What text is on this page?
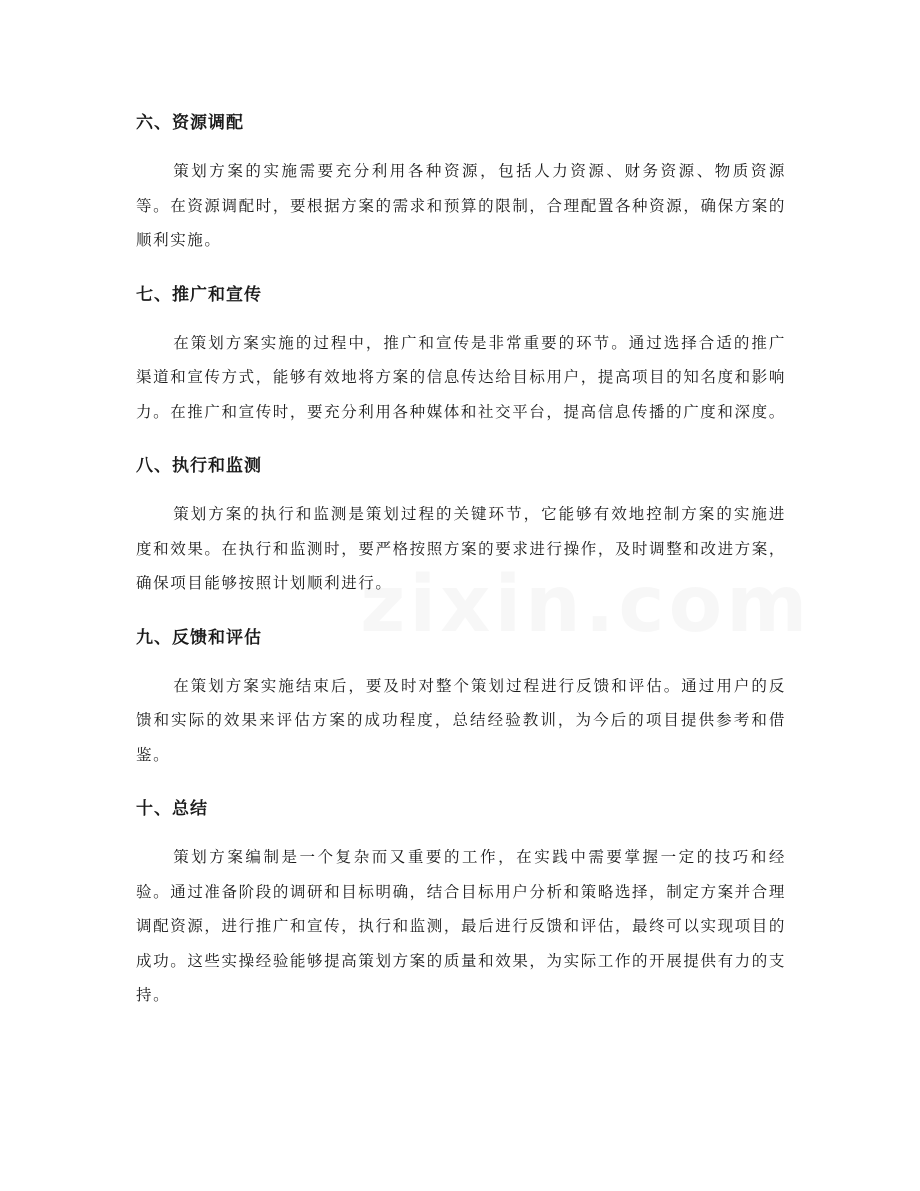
六、资源调配

策划方案的实施需要充分利用各种资源，包括人力资源、财务资源、物质资源等。在资源调配时，要根据方案的需求和预算的限制，合理配置各种资源，确保方案的顺利实施。

七、推广和宣传

在策划方案实施的过程中，推广和宣传是非常重要的环节。通过选择合适的推广渠道和宣传方式，能够有效地将方案的信息传达给目标用户，提高项目的知名度和影响力。在推广和宣传时，要充分利用各种媒体和社交平台，提高信息传播的广度和深度。

八、执行和监测

策划方案的执行和监测是策划过程的关键环节，它能够有效地控制方案的实施进度和效果。在执行和监测时，要严格按照方案的要求进行操作，及时调整和改进方案，确保项目能够按照计划顺利进行。

九、反馈和评估

在策划方案实施结束后，要及时对整个策划过程进行反馈和评估。通过用户的反馈和实际的效果来评估方案的成功程度，总结经验教训，为今后的项目提供参考和借鉴。

十、总结

策划方案编制是一个复杂而又重要的工作，在实践中需要掌握一定的技巧和经验。通过准备阶段的调研和目标明确，结合目标用户分析和策略选择，制定方案并合理调配资源，进行推广和宣传，执行和监测，最后进行反馈和评估，最终可以实现项目的成功。这些实操经验能够提高策划方案的质量和效果，为实际工作的开展提供有力的支持。
